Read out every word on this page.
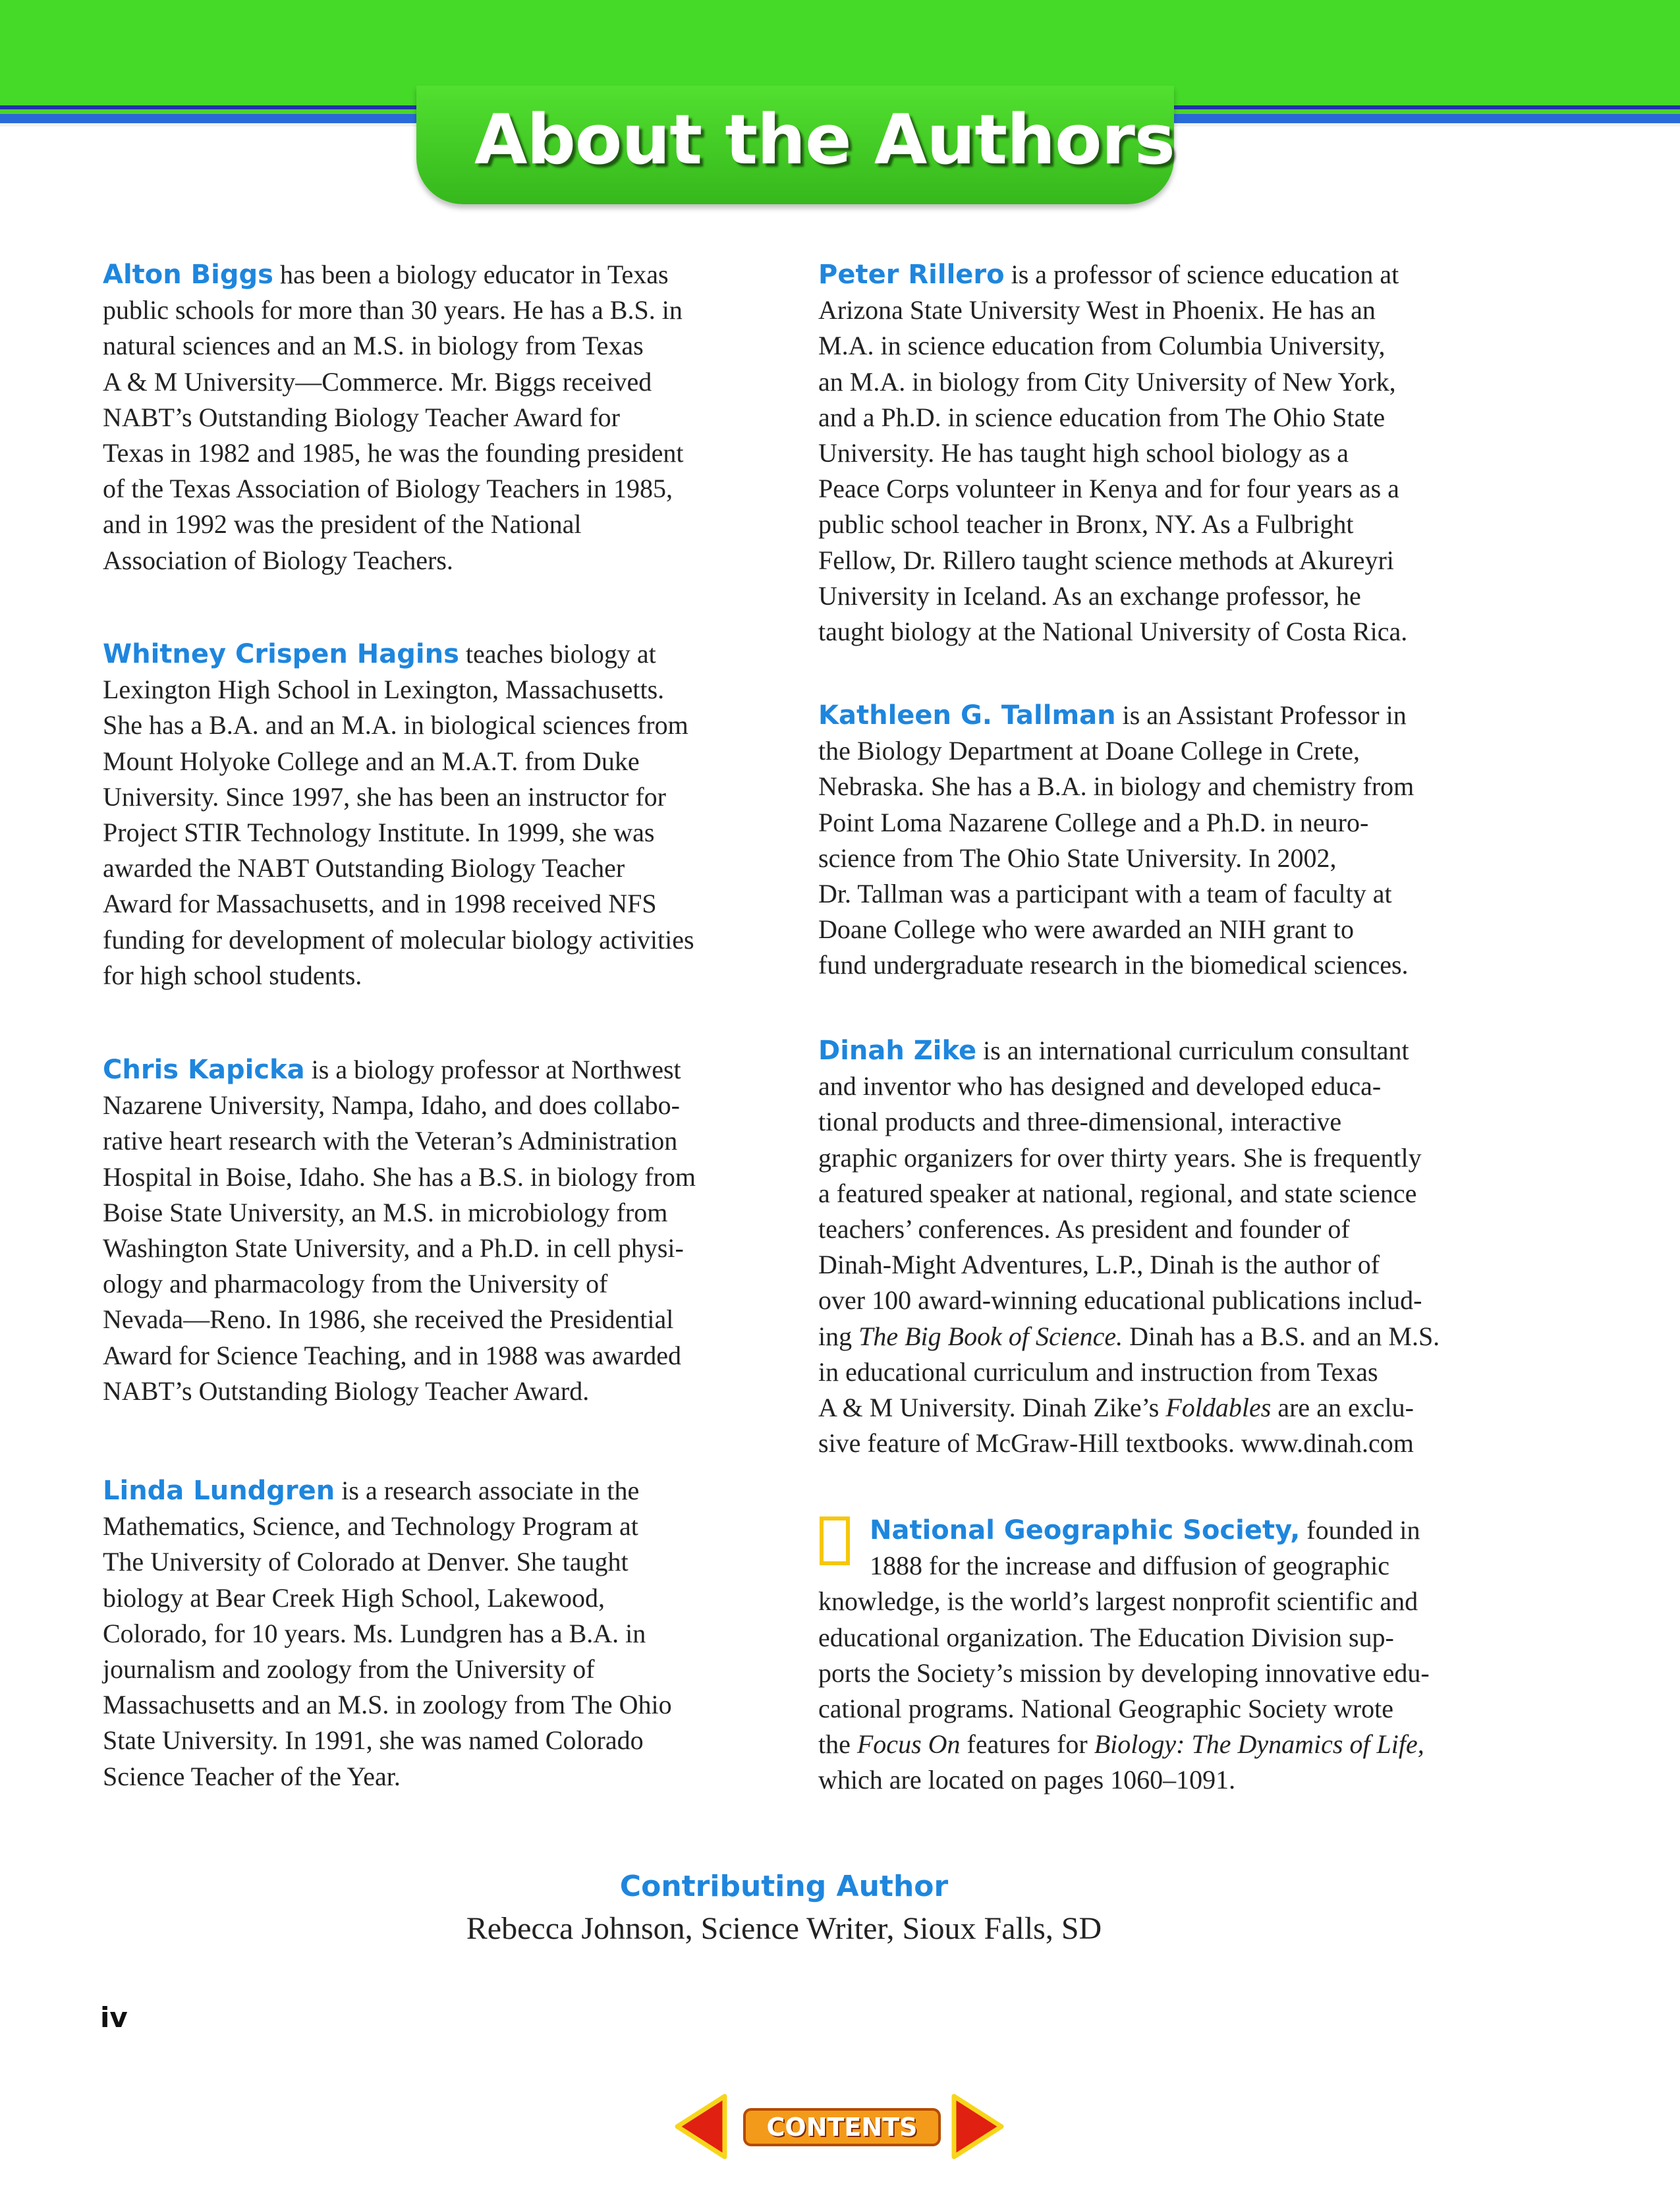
About the Authors

Alton Biggs has been a biology educator in Texas

public schools for more than 30 years. He has a B.S. in

natural sciences and an M.S. in biology from Texas

A & M University—Commerce. Mr. Biggs received

NABT’s Outstanding Biology Teacher Award for

Texas in 1982 and 1985, he was the founding president

of the Texas Association of Biology Teachers in 1985,

and in 1992 was the president of the National

Association of Biology Teachers.

Whitney Crispen Hagins teaches biology at

Lexington High School in Lexington, Massachusetts.

She has a B.A. and an M.A. in biological sciences from

Mount Holyoke College and an M.A.T. from Duke

University. Since 1997, she has been an instructor for

Project STIR Technology Institute. In 1999, she was

awarded the NABT Outstanding Biology Teacher

Award for Massachusetts, and in 1998 received NFS

funding for development of molecular biology activities

for high school students.

Chris Kapicka is a biology professor at Northwest

Nazarene University, Nampa, Idaho, and does collabo-

rative heart research with the Veteran’s Administration

Hospital in Boise, Idaho. She has a B.S. in biology from

Boise State University, an M.S. in microbiology from

Washington State University, and a Ph.D. in cell physi-

ology and pharmacology from the University of

Nevada—Reno. In 1986, she received the Presidential

Award for Science Teaching, and in 1988 was awarded

NABT’s Outstanding Biology Teacher Award.

Linda Lundgren is a research associate in the

Mathematics, Science, and Technology Program at

The University of Colorado at Denver. She taught

biology at Bear Creek High School, Lakewood,

Colorado, for 10 years. Ms. Lundgren has a B.A. in

journalism and zoology from the University of

Massachusetts and an M.S. in zoology from The Ohio

State University. In 1991, she was named Colorado

Science Teacher of the Year.

Peter Rillero is a professor of science education at

Arizona State University West in Phoenix. He has an

M.A. in science education from Columbia University,

an M.A. in biology from City University of New York,

and a Ph.D. in science education from The Ohio State

University. He has taught high school biology as a

Peace Corps volunteer in Kenya and for four years as a

public school teacher in Bronx, NY. As a Fulbright

Fellow, Dr. Rillero taught science methods at Akureyri

University in Iceland. As an exchange professor, he

taught biology at the National University of Costa Rica.

Kathleen G. Tallman is an Assistant Professor in

the Biology Department at Doane College in Crete,

Nebraska. She has a B.A. in biology and chemistry from

Point Loma Nazarene College and a Ph.D. in neuro-

science from The Ohio State University. In 2002,

Dr. Tallman was a participant with a team of faculty at

Doane College who were awarded an NIH grant to

fund undergraduate research in the biomedical sciences.

Dinah Zike is an international curriculum consultant

and inventor who has designed and developed educa-

tional products and three-dimensional, interactive

graphic organizers for over thirty years. She is frequently

a featured speaker at national, regional, and state science

teachers’ conferences. As president and founder of

Dinah-Might Adventures, L.P., Dinah is the author of

over 100 award-winning educational publications includ-

ing The Big Book of Science. Dinah has a B.S. and an M.S.

in educational curriculum and instruction from Texas

A & M University. Dinah Zike’s Foldables are an exclu-

sive feature of McGraw-Hill textbooks. www.dinah.com

National Geographic Society, founded in

1888 for the increase and diffusion of geographic

knowledge, is the world’s largest nonprofit scientific and

educational organization. The Education Division sup-

ports the Society’s mission by developing innovative edu-

cational programs. National Geographic Society wrote

the Focus On features for Biology: The Dynamics of Life,

which are located on pages 1060–1091.

Contributing Author
Rebecca Johnson, Science Writer, Sioux Falls, SD
iv
CONTENTS
